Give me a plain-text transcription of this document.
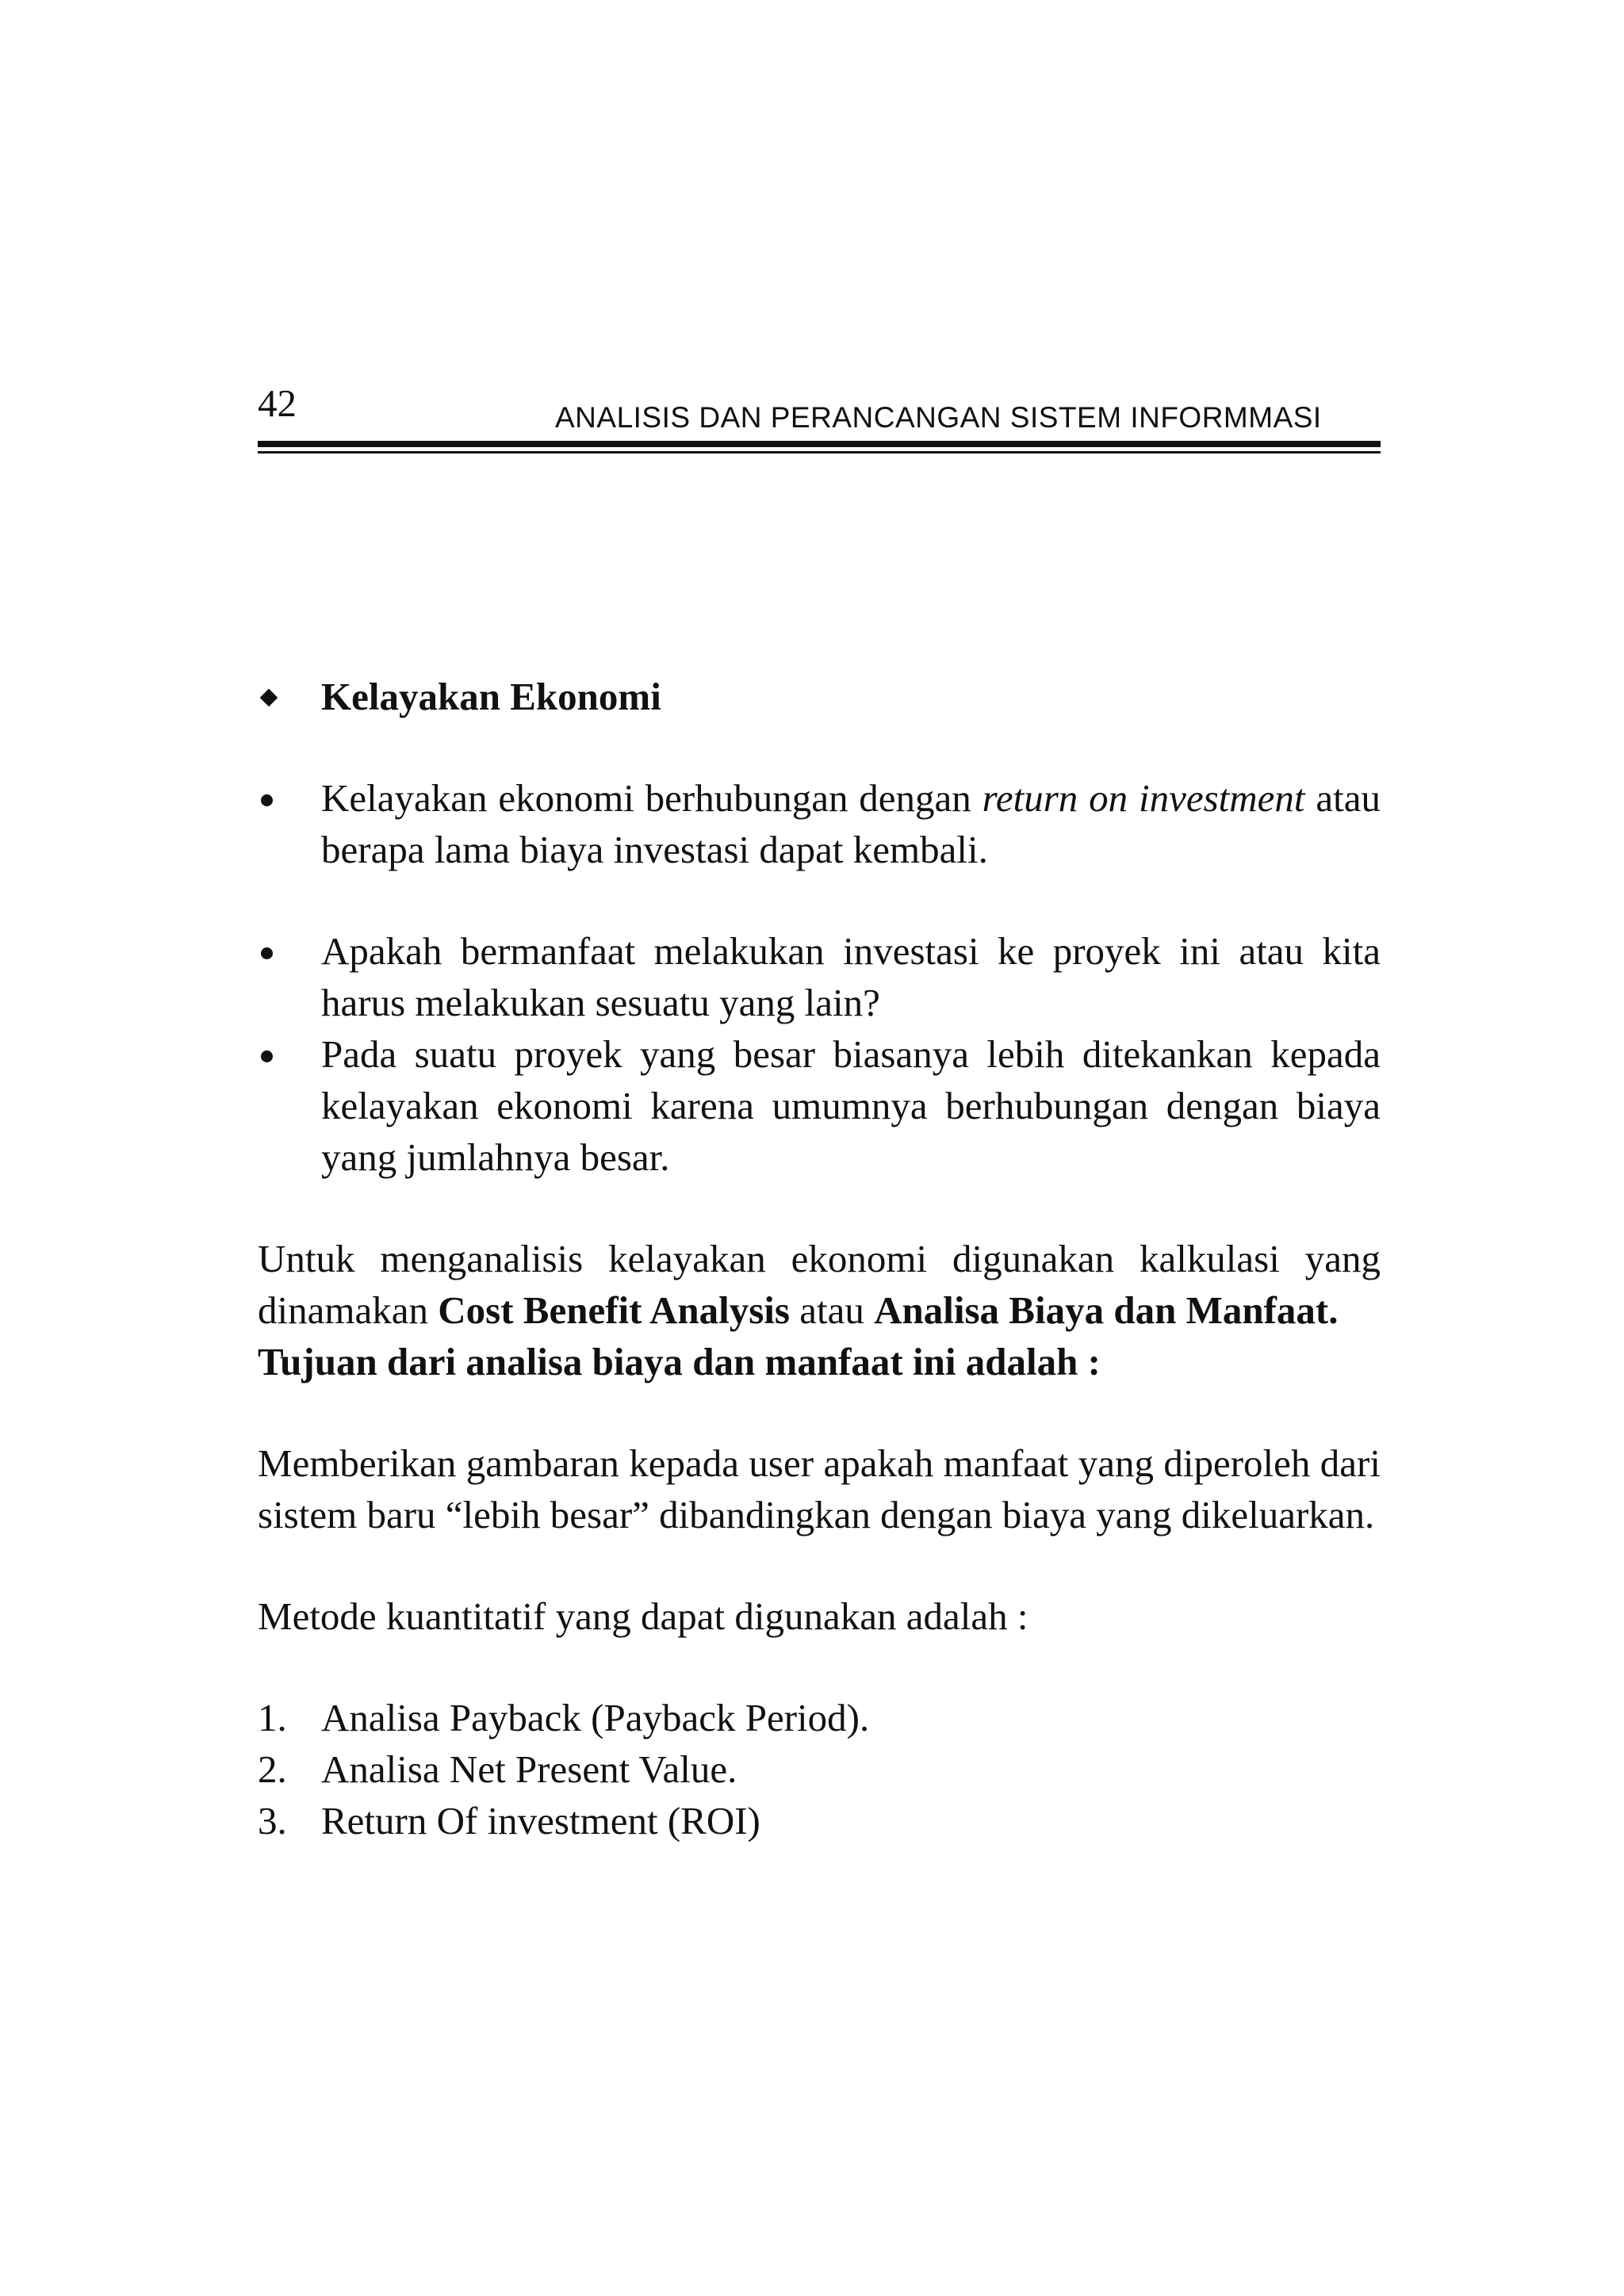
42	ANALISIS DAN PERANCANGAN SISTEM INFORMMASI
Kelayakan Ekonomi
Kelayakan ekonomi berhubungan dengan return on investment atau berapa lama biaya investasi dapat kembali.
Apakah bermanfaat melakukan investasi ke proyek ini atau kita harus melakukan sesuatu yang lain?
Pada suatu proyek yang besar biasanya lebih ditekankan kepada kelayakan ekonomi karena umumnya berhubungan dengan biaya yang jumlahnya besar.

Untuk menganalisis kelayakan ekonomi digunakan kalkulasi yang dinamakan Cost Benefit Analysis atau Analisa Biaya dan Manfaat.

Tujuan dari analisa biaya dan manfaat ini adalah :

Memberikan gambaran kepada user apakah manfaat yang diperoleh dari sistem baru “lebih besar” dibandingkan dengan biaya yang dikeluarkan.

Metode kuantitatif yang dapat digunakan adalah :

1. Analisa Payback (Payback Period).
2. Analisa Net Present Value.
3. Return Of investment (ROI)
